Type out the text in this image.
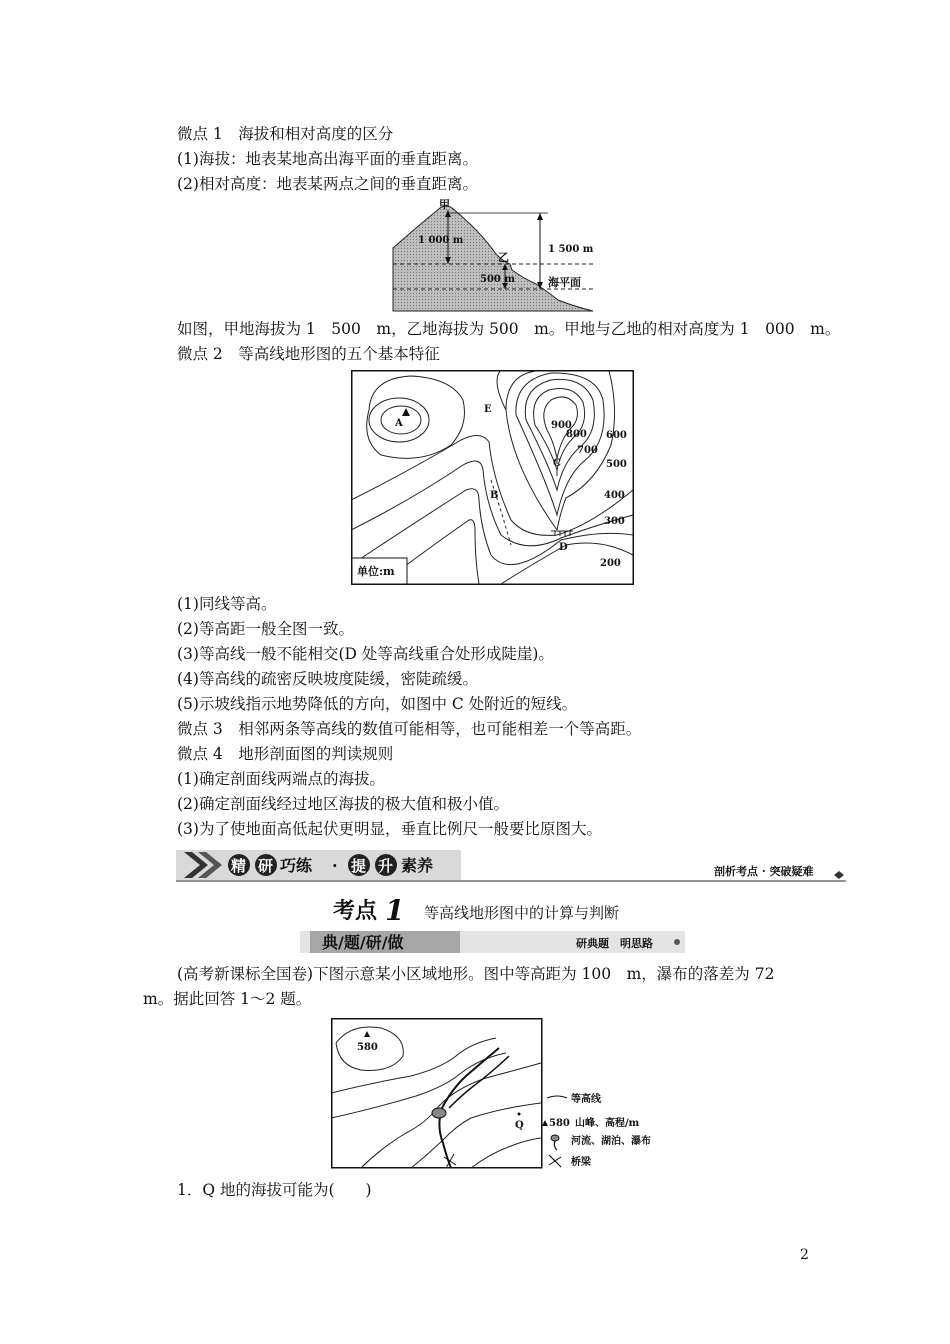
微点 1　海拔和相对高度的区分
(1)海拔：地表某地高出海平面的垂直距离。
(2)相对高度：地表某两点之间的垂直距离。
甲
乙
1 000 m
1 500 m
500 m	海平面
如图，甲地海拔为 1　500　m，乙地海拔为 500　m。甲地与乙地的相对高度为 1　000　m。
微点 2　等高线地形图的五个基本特征
单位:m
A
E
B
C
D
900
800
700
600
500
400
300
200
(1)同线等高。
(2)等高距一般全图一致。
(3)等高线一般不能相交(D 处等高线重合处形成陡崖)。
(4)等高线的疏密反映坡度陡缓，密陡疏缓。
(5)示坡线指示地势降低的方向，如图中 C 处附近的短线。
微点 3　相邻两条等高线的数值可能相等，也可能相差一个等高距。
微点 4　地形剖面图的判读规则
(1)确定剖面线两端点的海拔。
(2)确定剖面线经过地区海拔的极大值和极小值。
(3)为了使地面高低起伏更明显，垂直比例尺一般要比原图大。
精 研 巧练 · 提 升 素养	剖析考点 · 突破疑难
考点 1 等高线地形图中的计算与判断
典/题/研/做	研典题　明思路
(高考新课标全国卷)下图示意某小区域地形。图中等高距为 100　m，瀑布的落差为 72
m。据此回答 1～2 题。
580
Q
等高线
580 山峰、高程/m
河流、湖泊、瀑布
桥梁
1．Q 地的海拔可能为(　　)
2
